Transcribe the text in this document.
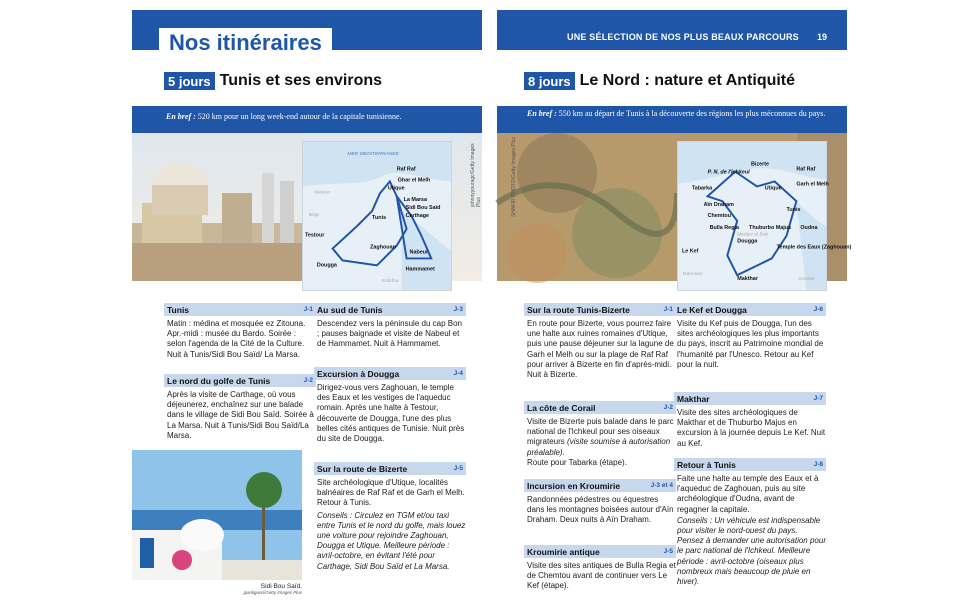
Nos itinéraires
5 jours Tunis et ses environs
En bref : 520 km pour un long week-end autour de la capitale tunisienne.
johnnyyouragc/Getty Images Plus
MER MÉDITERRANÉE
Mateur
Béja
Enfidha
Raf Raf
Ghar el Melh
Utique
La Marsa
Sidi Bou Saïd
Carthage
Tunis
Testour
Dougga
Zaghouan
Nabeul
Hammamet
Tunis	J-1
Matin : médina et mosquée ez Zitouna. Apr.-midi : musée du Bardo. Soirée : selon l'agenda de la Cité de la Culture. Nuit à Tunis/Sidi Bou Saïd/ La Marsa.
Le nord du golfe de Tunis	J-2
Après la visite de Carthage, où vous déjeunerez, enchaînez sur une balade dans le village de Sidi Bou Saïd. Soirée à La Marsa. Nuit à Tunis/Sidi Bou Saïd/La Marsa.
Au sud de Tunis	J-3
Descendez vers la péninsule du cap Bon ; pauses baignade et visite de Nabeul et de Hammamet. Nuit à Hammamet.
Excursion à Dougga	J-4
Dirigez-vous vers Zaghouan, le temple des Eaux et les vestiges de l'aqueduc romain. Après une halte à Testour, découverte de Dougga, l'une des plus belles cités antiques de Tunisie. Nuit près du site de Dougga.
Sur la route de Bizerte	J-5
Site archéologique d'Utique, localités balnéaires de Raf Raf et de Garh el Melh. Retour à Tunis.
Conseils : Circulez en TGM et/ou taxi entre Tunis et le nord du golfe, mais louez une voiture pour rejoindre Zaghouan, Dougga et Utique. Meilleure période : avril-octobre, en évitant l'été pour Carthage, Sidi Bou Saïd et La Marsa.
Sidi Bou Saïd.
gianliguori/Getty Images Plus
UNE SÉLECTION DE NOS PLUS BEAUX PARCOURS 19
8 jours Le Nord : nature et Antiquité
En bref : 550 km au départ de Tunis à la découverte des régions les plus méconnues du pays.
SHAKIR PHOTO/Getty Images Plus
Medjez el Bab
Dahmani
Sousse
Bizerte
P. N. de l'Ichkeul	Raf Raf
Garh el Melh
Tabarka	Utique
Aïn Draham
Chemtou
Tunis
Bulla Regia Thuburbo Majus Oudna
Dougga
Le Kef
Temple des Eaux (Zaghouan)
Makthar
Sur la route Tunis-Bizerte	J-1
En route pour Bizerte, vous pourrez faire une halte aux ruines romaines d'Utique, puis une pause déjeuner sur la lagune de Garh el Melh ou sur la plage de Raf Raf pour arriver à Bizerte en fin d'après-midi. Nuit à Bizerte.
La côte de Corail	J-2
Visite de Bizerte puis balade dans le parc national de l'Ichkeul pour ses oiseaux migrateurs (visite soumise à autorisation préalable).
Route pour Tabarka (étape).
Incursion en Kroumirie	J-3 et 4
Randonnées pédestres ou équestres dans les montagnes boisées autour d'Aïn Draham. Deux nuits à Aïn Draham.
Kroumirie antique	J-5
Visite des sites antiques de Bulla Regia et de Chemtou avant de continuer vers Le Kef (étape).
Le Kef et Dougga	J-6
Visite du Kef puis de Dougga, l'un des sites archéologiques les plus importants du pays, inscrit au Patrimoine mondial de l'humanité par l'Unesco. Retour au Kef pour la nuit.
Makthar	J-7
Visite des sites archéologiques de Makthar et de Thuburbo Majus en excursion à la journée depuis Le Kef. Nuit au Kef.
Retour à Tunis	J-8
Faite une halte au temple des Eaux et à l'aqueduc de Zaghouan, puis au site archéologique d'Oudna, avant de regagner la capitale.
Conseils : Un véhicule est indispensable pour visiter le nord-ouest du pays. Pensez à demander une autorisation pour le parc national de l'Ichkeul. Meilleure période : avril-octobre (oiseaux plus nombreux mais beaucoup de pluie en hiver).
